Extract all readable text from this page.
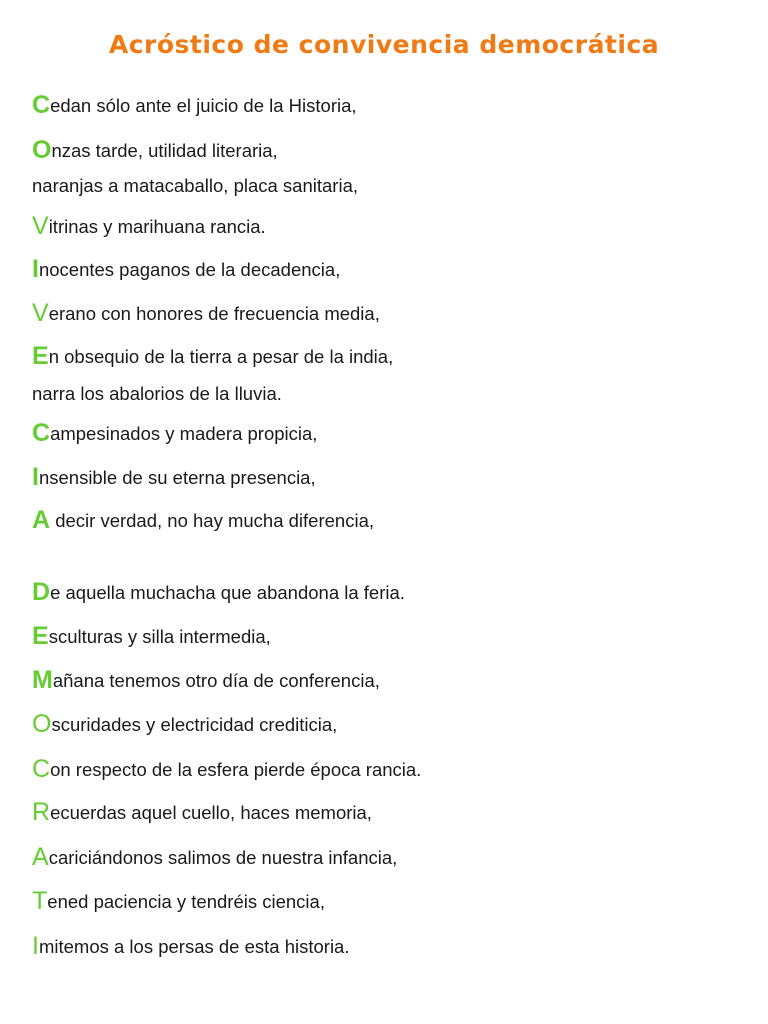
Acróstico de convivencia democrática
Cedan sólo ante el juicio de la Historia,
Onzas tarde, utilidad literaria,
naranjas a matacaballo, placa sanitaria,
Vitrinas y marihuana rancia.
Inocentes paganos de la decadencia,
Verano con honores de frecuencia media,
En obsequio de la tierra a pesar de la india,
narra los abalorios de la lluvia.
Campesinados y madera propicia,
Insensible de su eterna presencia,
A decir verdad, no hay mucha diferencia,
De aquella muchacha que abandona la feria.
Esculturas y silla intermedia,
Mañana tenemos otro día de conferencia,
Oscuridades y electricidad crediticia,
Con respecto de la esfera pierde época rancia.
Recuerdas aquel cuello, haces memoria,
Acariciándonos salimos de nuestra infancia,
Tened paciencia y tendréis ciencia,
Imitemos a los persas de esta historia.
